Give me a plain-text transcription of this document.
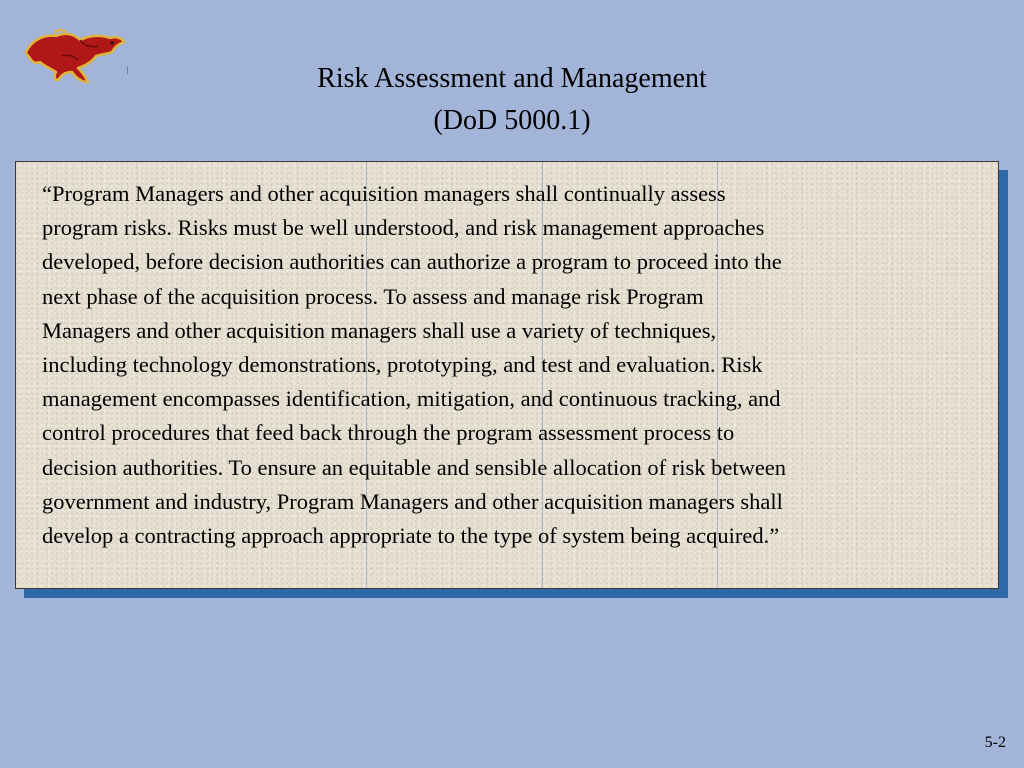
Risk Assessment and Management
(DoD 5000.1)

“Program Managers and other acquisition managers shall continually assess
program risks. Risks must be well understood, and risk management approaches
developed, before decision authorities can authorize a program to proceed into the
next phase of the acquisition process. To assess and manage risk Program
Managers and other acquisition managers shall use a variety of techniques,
including technology demonstrations, prototyping, and test and evaluation. Risk
management encompasses identification, mitigation, and continuous tracking, and
control procedures that feed back through the program assessment process to
decision authorities. To ensure an equitable and sensible allocation of risk between
government and industry, Program Managers and other acquisition managers shall
develop a contracting approach appropriate to the type of system being acquired.”

5-2
